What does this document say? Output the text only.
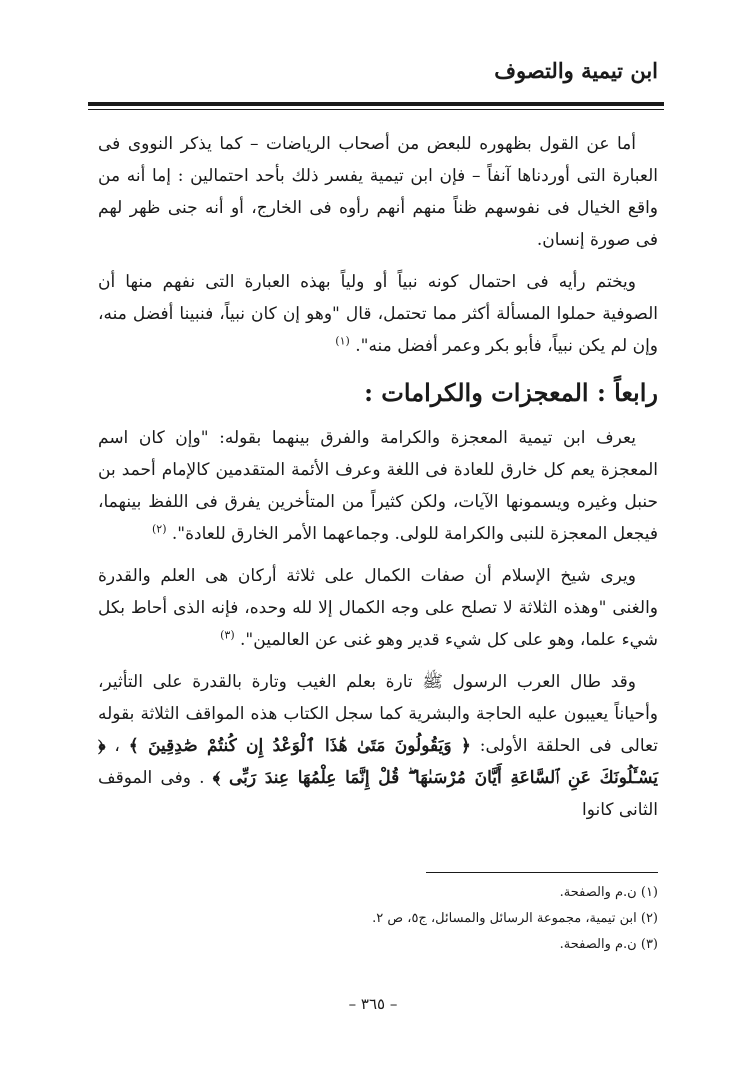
ابن تيمية والتصوف

أما عن القول بظهوره للبعض من أصحاب الرياضات – كما يذكر النووى فى العبارة التى أوردناها آنفاً – فإن ابن تيمية يفسر ذلك بأحد احتمالين : إما أنه من واقع الخيال فى نفوسهم ظناً منهم أنهم رأوه فى الخارج، أو أنه جنى ظهر لهم فى صورة إنسان.

ويختم رأيه فى احتمال كونه نبياً أو ولياً بهذه العبارة التى نفهم منها أن الصوفية حملوا المسألة أكثر مما تحتمل، قال "وهو إن كان نبياً، فنبينا أفضل منه، وإن لم يكن نبياً، فأبو بكر وعمر أفضل منه". $^{(١)}$

رابعاً : المعجزات والكرامات :

يعرف ابن تيمية المعجزة والكرامة والفرق بينهما بقوله: "وإن كان اسم المعجزة يعم كل خارق للعادة فى اللغة وعرف الأئمة المتقدمين كالإمام أحمد بن حنبل وغيره ويسمونها الآيات، ولكن كثيراً من المتأخرين يفرق فى اللفظ بينهما، فيجعل المعجزة للنبى والكرامة للولى. وجماعهما الأمر الخارق للعادة". $^{(٢)}$

ويرى شيخ الإسلام أن صفات الكمال على ثلاثة أركان هى العلم والقدرة والغنى "وهذه الثلاثة لا تصلح على وجه الكمال إلا لله وحده، فإنه الذى أحاط بكل شيء علما، وهو على كل شيء قدير وهو غنى عن العالمين". $^{(٣)}$

وقد طال العرب الرسول ﷺ تارة بعلم الغيب وتارة بالقدرة على التأثير، وأحياناً يعيبون عليه الحاجة والبشرية كما سجل الكتاب هذه المواقف الثلاثة بقوله تعالى فى الحلقة الأولى: ﴿ وَيَقُولُونَ مَتَىٰ هَٰذَا ٱلْوَعْدُ إِن كُنتُمْ صَٰدِقِينَ ﴾ ، ﴿ يَسْـَٔلُونَكَ عَنِ ٱلسَّاعَةِ أَيَّانَ مُرْسَىٰهَا ۖ قُلْ إِنَّمَا عِلْمُهَا عِندَ رَبِّى ﴾ . وفى الموقف الثانى كانوا

(١) ن.م والصفحة.
(٢) ابن تيمية، مجموعة الرسائل والمسائل، ج٥، ص ٢.
(٣) ن.م والصفحة.
– ٣٦٥ –
